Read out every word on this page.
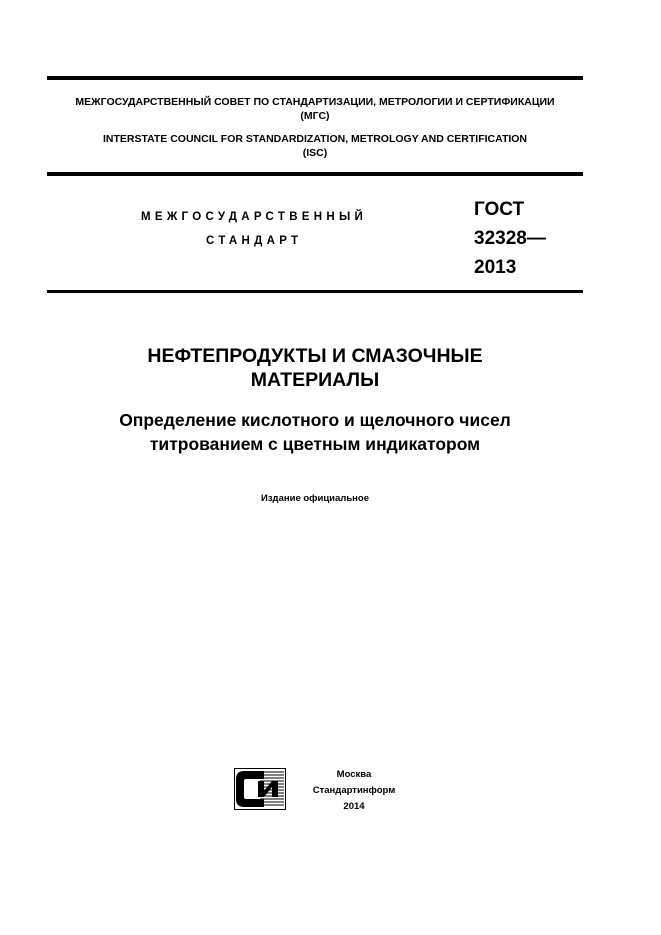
МЕЖГОСУДАРСТВЕННЫЙ СОВЕТ ПО СТАНДАРТИЗАЦИИ, МЕТРОЛОГИИ И СЕРТИФИКАЦИИ
(МГС)
INTERSTATE COUNCIL FOR STANDARDIZATION, METROLOGY AND CERTIFICATION
(ISC)
МЕЖГОСУДАРСТВЕННЫЙ
СТАНДАРТ
ГОСТ
32328—
2013
НЕФТЕПРОДУКТЫ И СМАЗОЧНЫЕ
МАТЕРИАЛЫ
Определение кислотного и щелочного чисел
титрованием с цветным индикатором
Издание официальное
Москва
Стандартинформ
2014
